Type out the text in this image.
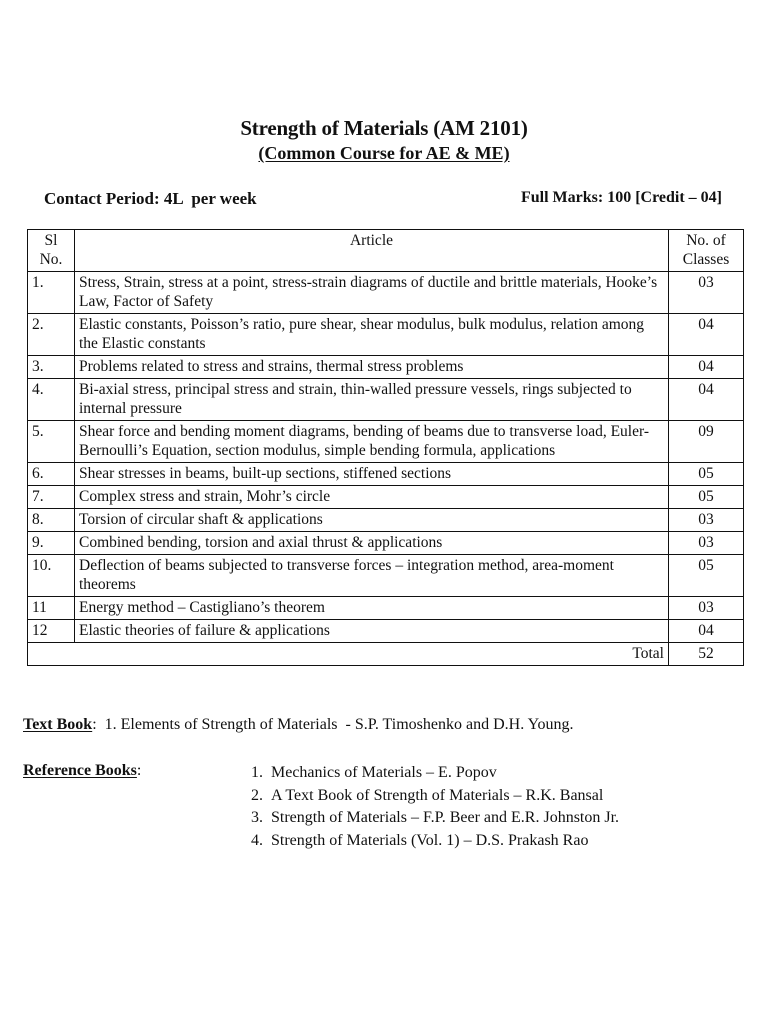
Strength of Materials (AM 2101)
(Common Course for AE & ME)
Contact Period: 4L  per week	Full Marks: 100 [Credit – 04]
Sl No.	Article	No. of Classes
1.	Stress, Strain, stress at a point, stress-strain diagrams of ductile and brittle materials, Hooke’s Law, Factor of Safety	03
2.	Elastic constants, Poisson’s ratio, pure shear, shear modulus, bulk modulus, relation among the Elastic constants	04
3.	Problems related to stress and strains, thermal stress problems	04
4.	Bi-axial stress, principal stress and strain, thin-walled pressure vessels, rings subjected to internal pressure	04
5.	Shear force and bending moment diagrams, bending of beams due to transverse load, Euler-Bernoulli’s Equation, section modulus, simple bending formula, applications	09
6.	Shear stresses in beams, built-up sections, stiffened sections	05
7.	Complex stress and strain, Mohr’s circle	05
8.	Torsion of circular shaft & applications	03
9.	Combined bending, torsion and axial thrust & applications	03
10.	Deflection of beams subjected to transverse forces – integration method, area-moment theorems	05
11	Energy method – Castigliano’s theorem	03
12	Elastic theories of failure & applications	04
Total		52
Text Book:  1. Elements of Strength of Materials  - S.P. Timoshenko and D.H. Young.
Reference Books:	1. Mechanics of Materials – E. Popov
2. A Text Book of Strength of Materials – R.K. Bansal
3. Strength of Materials – F.P. Beer and E.R. Johnston Jr.
4. Strength of Materials (Vol. 1) – D.S. Prakash Rao
